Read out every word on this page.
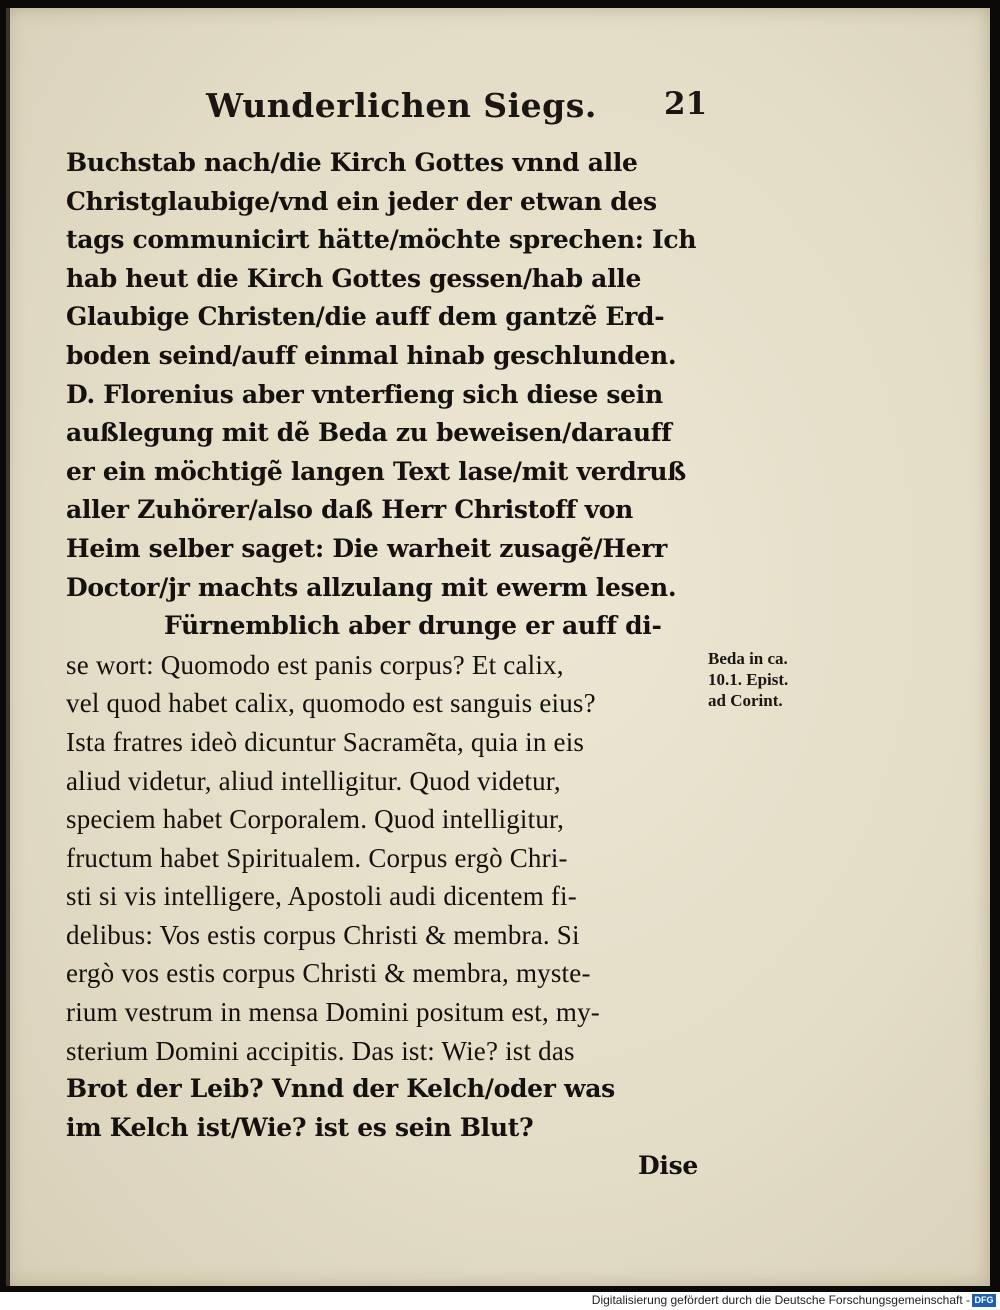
Wunderlichen Siegs. 21
Buchstab nach/die Kirch Gottes vnnd alle
Christglaubige/vnd ein jeder der etwan des
tags communicirt hätte/möchte sprechen: Ich
hab heut die Kirch Gottes gessen/hab alle
Glaubige Christen/die auff dem gantzẽ Erd-
boden seind/auff einmal hinab geschlunden.
D. Florenius aber vnterfieng sich diese sein
außlegung mit dẽ Beda zu beweisen/darauff
er ein möchtigẽ langen Text lase/mit verdruß
aller Zuhörer/also daß Herr Christoff von
Heim selber saget: Die warheit zusagẽ/Herr
Doctor/jr machts allzulang mit ewerm lesen.
Fürnemblich aber drunge er auff di-
se wort: Quomodo est panis corpus? Et calix,
vel quod habet calix, quomodo est sanguis eius?
Ista fratres ideò dicuntur Sacramẽta, quia in eis
aliud videtur, aliud intelligitur. Quod videtur,
speciem habet Corporalem. Quod intelligitur,
fructum habet Spiritualem. Corpus ergò Chri-
sti si vis intelligere, Apostoli audi dicentem fi-
delibus: Vos estis corpus Christi & membra. Si
ergò vos estis corpus Christi & membra, myste-
rium vestrum in mensa Domini positum est, my-
sterium Domini accipitis. Das ist: Wie? ist das
Brot der Leib? Vnnd der Kelch/oder was
im Kelch ist/Wie? ist es sein Blut?
Dise
Beda in ca.
10.1. Epist.
ad Corint.
Digitalisierung gefördert durch die Deutsche Forschungsgemeinschaft - DFG
